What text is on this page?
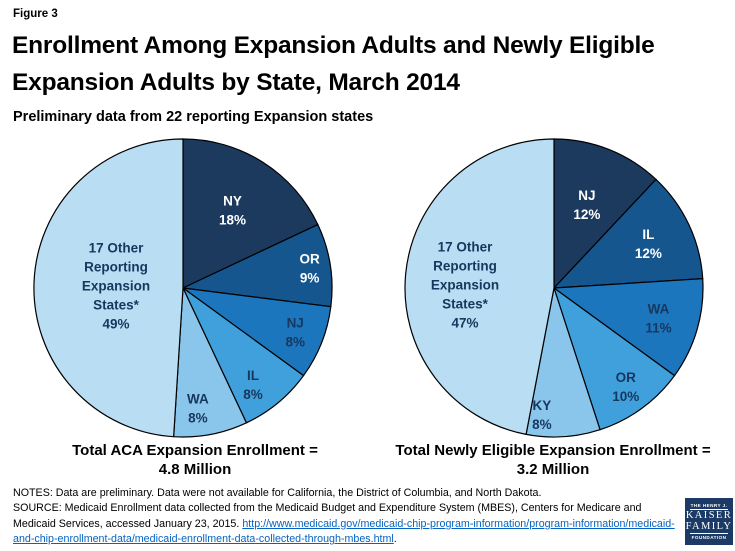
Figure 3
Enrollment Among Expansion Adults and Newly Eligible
Expansion Adults by State, March 2014
Preliminary data from 22 reporting Expansion states
NY 18%
OR 9%
NJ 8%
IL 8%
WA 8%
17 Other Reporting Expansion States* 49%
NJ 12%
IL 12%
WA 11%
OR 10%
KY 8%
17 Other Reporting Expansion States* 47%
Total ACA Expansion Enrollment =
4.8 Million
Total Newly Eligible Expansion Enrollment =
3.2 Million
NOTES: Data are preliminary. Data were not available for California, the District of Columbia, and North Dakota.
SOURCE: Medicaid Enrollment data collected from the Medicaid Budget and Expenditure System (MBES), Centers for Medicare and Medicaid Services, accessed January 23, 2015. http://www.medicaid.gov/medicaid-chip-program-information/program-information/medicaid-and-chip-enrollment-data/medicaid-enrollment-data-collected-through-mbes.html.
THE HENRY J.
KAISER
FAMILY
FOUNDATION
